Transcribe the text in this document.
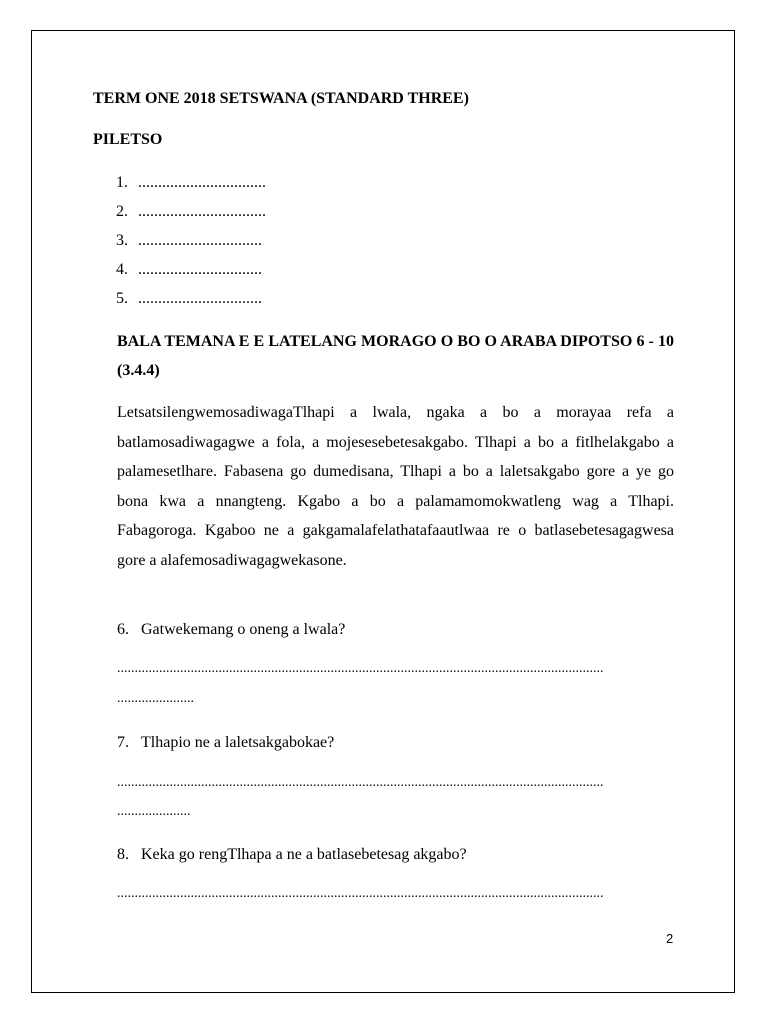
TERM ONE 2018 SETSWANA (STANDARD THREE)
PILETSO
1. ................................
2. ................................
3. ...............................
4. ...............................
5. ...............................
BALA TEMANA E E LATELANG MORAGO O BO O ARABA DIPOTSO 6 - 10 (3.4.4)
LetsatsilengwemosadiwagaTlhapi a lwala, ngaka a bo a morayaa refa a batlamosadiwagagwe a fola, a mojesesebetesakgabo. Tlhapi a bo a fitlhelakgabo a palamesetlhare. Fabasena go dumedisana, Tlhapi a bo a laletsakgabo gore a ye go bona kwa a nnangteng. Kgabo a bo a palamamomokwatleng wag a Tlhapi. Fabagoroga. Kgaboo ne a gakgamalafelathatafaautlwaa re o batlasebetesagagwesa gore a alafemosadiwagagwekasone.
6. Gatwekemang o oneng a lwala?
...........................................................................................................................................
......................
7. Tlhapio ne a laletsakgabokae?
...........................................................................................................................................
.....................
8. Keka go rengTlhapa a ne a batlasebetesag akgabo?
...........................................................................................................................................
2
